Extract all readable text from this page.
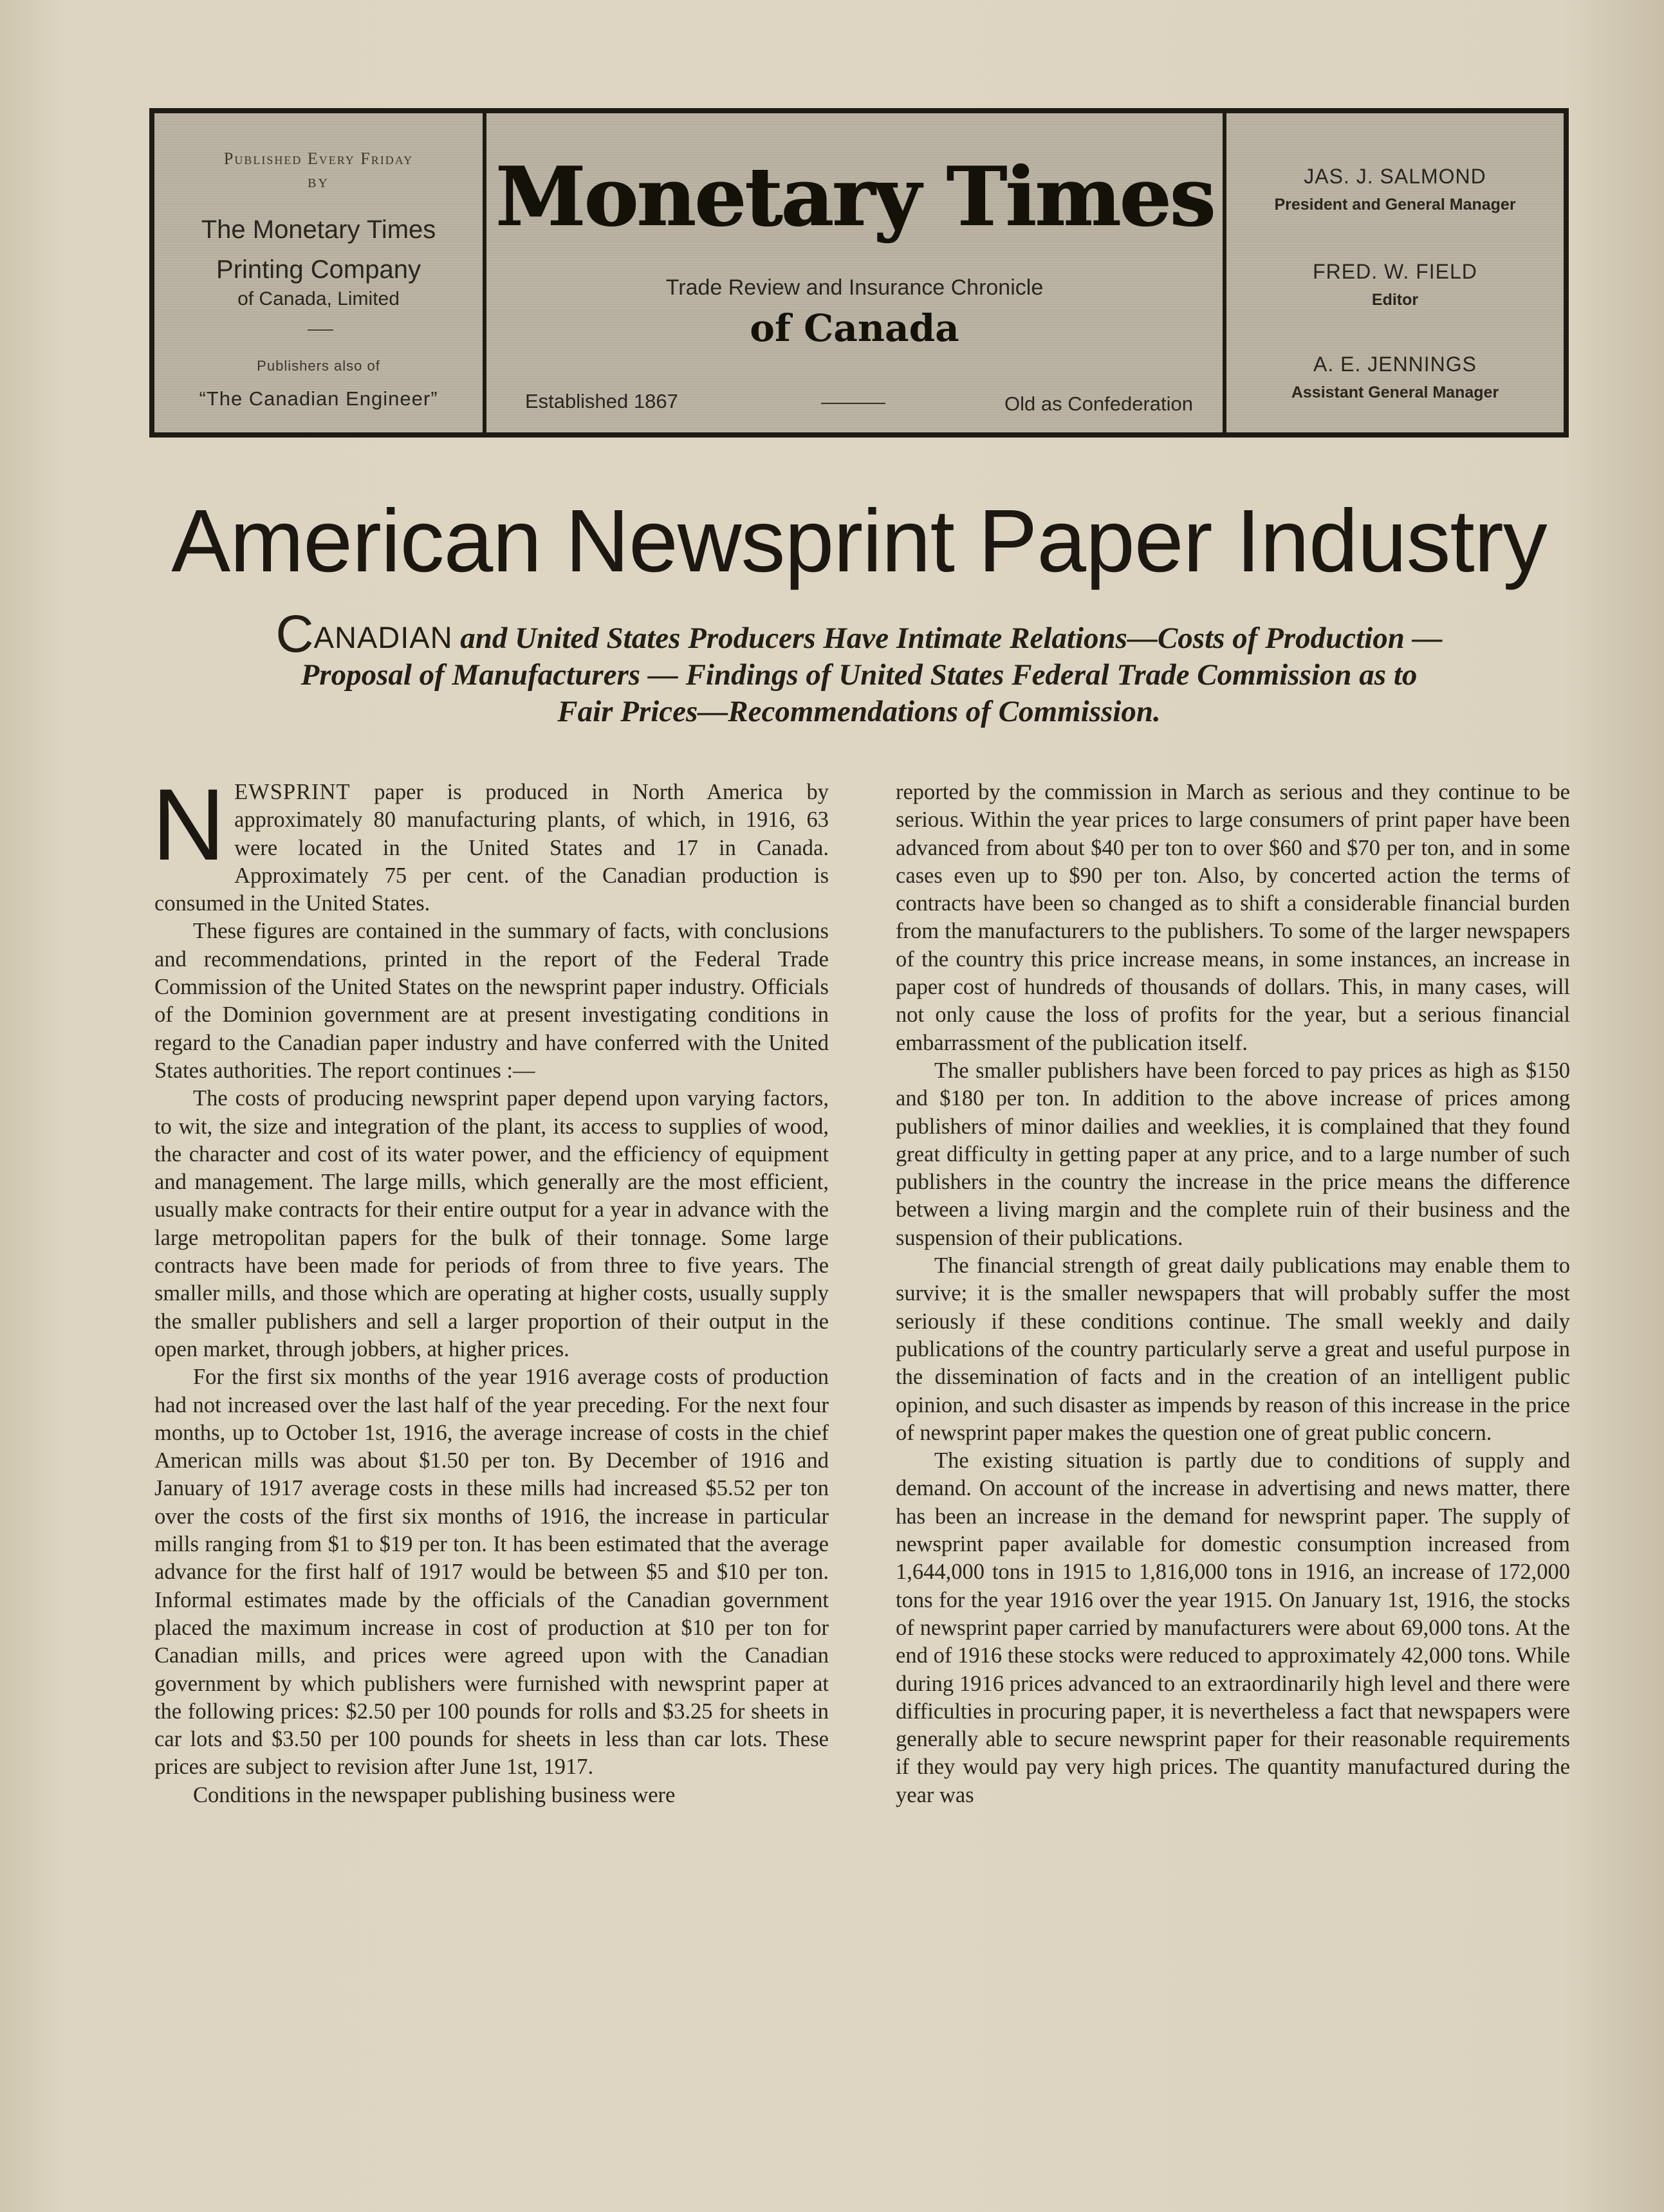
Published Every Friday
BY
The Monetary Times
Printing Company
of Canada, Limited
Publishers also of
“The Canadian Engineer”
Monetary Times
Trade Review and Insurance Chronicle
of Canada
Established 1867	Old as Confederation
JAS. J. SALMOND
President and General Manager
FRED. W. FIELD
Editor
A. E. JENNINGS
Assistant General Manager
American Newsprint Paper Industry
CANADIAN and United States Producers Have Intimate Relations—Costs of Production — Proposal of Manufacturers — Findings of United States Federal Trade Commission as to Fair Prices—Recommendations of Commission.

NEWSPRINT paper is produced in North America by approximately 80 manufacturing plants, of which, in 1916, 63 were located in the United States and 17 in Canada. Approximately 75 per cent. of the Canadian production is consumed in the United States.

These figures are contained in the summary of facts, with conclusions and recommendations, printed in the report of the Federal Trade Commission of the United States on the newsprint paper industry. Officials of the Dominion government are at present investigating conditions in regard to the Canadian paper industry and have conferred with the United States authorities. The report continues :—

The costs of producing newsprint paper depend upon varying factors, to wit, the size and integration of the plant, its access to supplies of wood, the character and cost of its water power, and the efficiency of equipment and management. The large mills, which generally are the most efficient, usually make contracts for their entire output for a year in advance with the large metropolitan papers for the bulk of their tonnage. Some large contracts have been made for periods of from three to five years. The smaller mills, and those which are operating at higher costs, usually supply the smaller publishers and sell a larger proportion of their output in the open market, through jobbers, at higher prices.

For the first six months of the year 1916 average costs of production had not increased over the last half of the year preceding. For the next four months, up to October 1st, 1916, the average increase of costs in the chief American mills was about $1.50 per ton. By December of 1916 and January of 1917 average costs in these mills had increased $5.52 per ton over the costs of the first six months of 1916, the increase in particular mills ranging from $1 to $19 per ton. It has been estimated that the average advance for the first half of 1917 would be between $5 and $10 per ton. Informal estimates made by the officials of the Canadian government placed the maximum increase in cost of production at $10 per ton for Canadian mills, and prices were agreed upon with the Canadian government by which publishers were furnished with newsprint paper at the following prices: $2.50 per 100 pounds for rolls and $3.25 for sheets in car lots and $3.50 per 100 pounds for sheets in less than car lots. These prices are subject to revision after June 1st, 1917.

Conditions in the newspaper publishing business were

reported by the commission in March as serious and they continue to be serious. Within the year prices to large consumers of print paper have been advanced from about $40 per ton to over $60 and $70 per ton, and in some cases even up to $90 per ton. Also, by concerted action the terms of contracts have been so changed as to shift a considerable financial burden from the manufacturers to the publishers. To some of the larger newspapers of the country this price increase means, in some instances, an increase in paper cost of hundreds of thousands of dollars. This, in many cases, will not only cause the loss of profits for the year, but a serious financial embarrassment of the publication itself.

The smaller publishers have been forced to pay prices as high as $150 and $180 per ton. In addition to the above increase of prices among publishers of minor dailies and weeklies, it is complained that they found great difficulty in getting paper at any price, and to a large number of such publishers in the country the increase in the price means the difference between a living margin and the complete ruin of their business and the suspension of their publications.

The financial strength of great daily publications may enable them to survive; it is the smaller newspapers that will probably suffer the most seriously if these conditions continue. The small weekly and daily publications of the country particularly serve a great and useful purpose in the dissemination of facts and in the creation of an intelligent public opinion, and such disaster as impends by reason of this increase in the price of newsprint paper makes the question one of great public concern.

The existing situation is partly due to conditions of supply and demand. On account of the increase in advertising and news matter, there has been an increase in the demand for newsprint paper. The supply of newsprint paper available for domestic consumption increased from 1,644,000 tons in 1915 to 1,816,000 tons in 1916, an increase of 172,000 tons for the year 1916 over the year 1915. On January 1st, 1916, the stocks of newsprint paper carried by manufacturers were about 69,000 tons. At the end of 1916 these stocks were reduced to approximately 42,000 tons. While during 1916 prices advanced to an extraordinarily high level and there were difficulties in procuring paper, it is nevertheless a fact that newspapers were generally able to secure newsprint paper for their reasonable requirements if they would pay very high prices. The quantity manufactured during the year was
